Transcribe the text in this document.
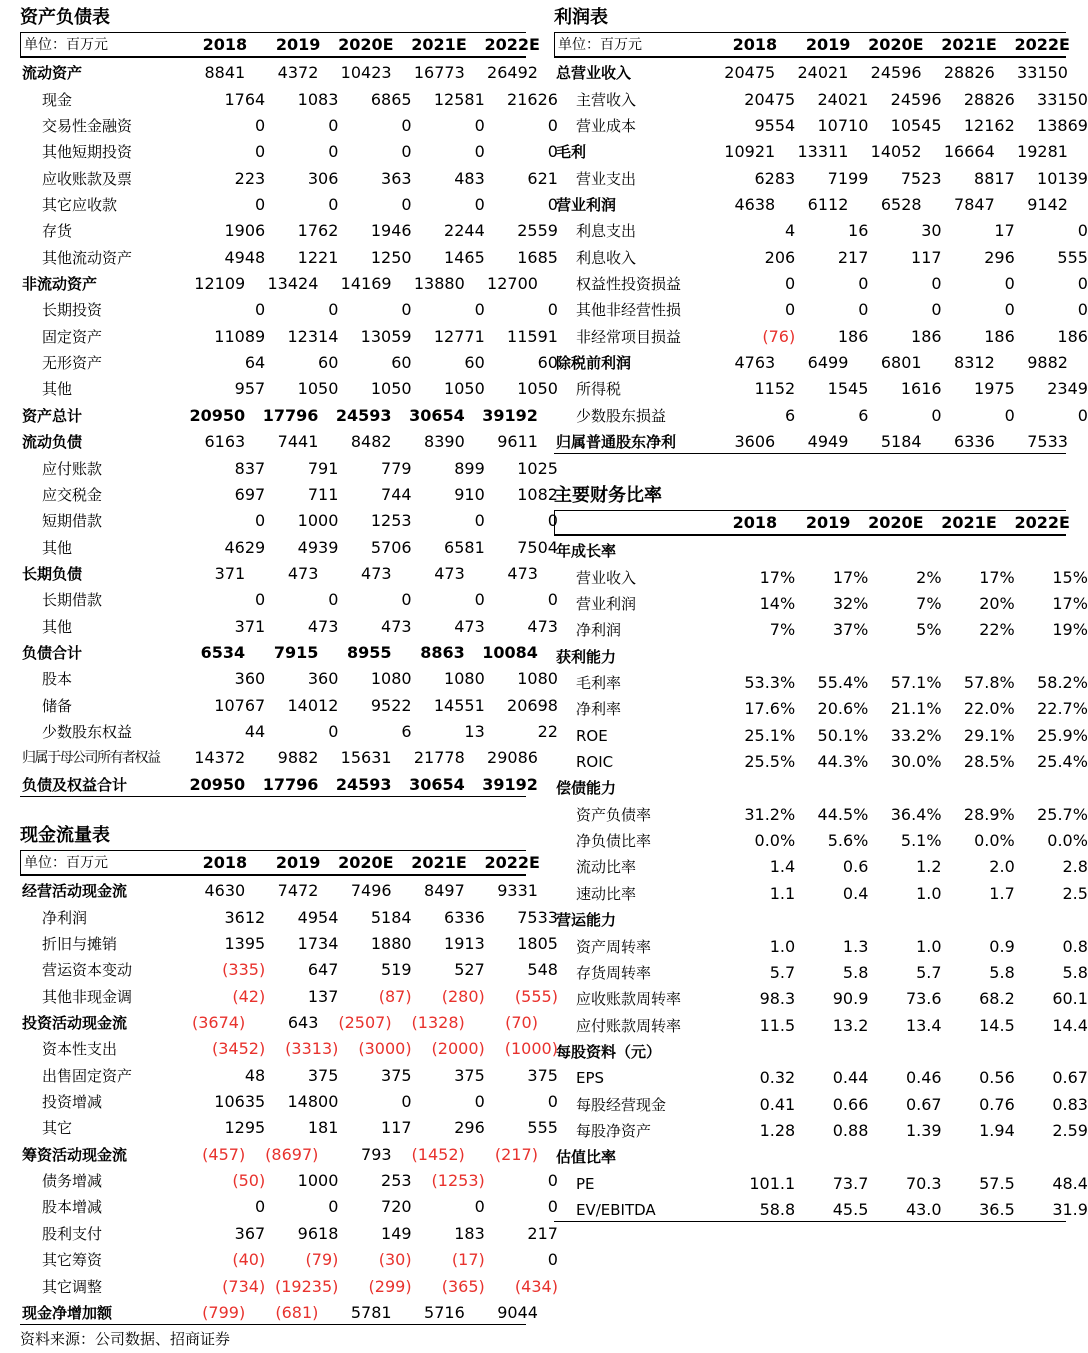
资产负债表
单位：百万元	2018	2019	2020E	2021E	2022E
流动资产	8841	4372	10423	16773	26492
现金	1764	1083	6865	12581	21626
交易性金融资	0	0	0	0	0
其他短期投资	0	0	0	0	0
应收账款及票	223	306	363	483	621
其它应收款	0	0	0	0	0
存货	1906	1762	1946	2244	2559
其他流动资产	4948	1221	1250	1465	1685
非流动资产	12109	13424	14169	13880	12700
长期投资	0	0	0	0	0
固定资产	11089	12314	13059	12771	11591
无形资产	64	60	60	60	60
其他	957	1050	1050	1050	1050
资产总计	20950	17796	24593	30654	39192
流动负债	6163	7441	8482	8390	9611
应付账款	837	791	779	899	1025
应交税金	697	711	744	910	1082
短期借款	0	1000	1253	0	0
其他	4629	4939	5706	6581	7504
长期负债	371	473	473	473	473
长期借款	0	0	0	0	0
其他	371	473	473	473	473
负债合计	6534	7915	8955	8863	10084
股本	360	360	1080	1080	1080
储备	10767	14012	9522	14551	20698
少数股东权益	44	0	6	13	22
归属于母公司所有者权益	14372	9882	15631	21778	29086
负债及权益合计	20950	17796	24593	30654	39192
利润表
单位：百万元	2018	2019	2020E	2021E	2022E
总营业收入	20475	24021	24596	28826	33150
主营收入	20475	24021	24596	28826	33150
营业成本	9554	10710	10545	12162	13869
毛利	10921	13311	14052	16664	19281
营业支出	6283	7199	7523	8817	10139
营业利润	4638	6112	6528	7847	9142
利息支出	4	16	30	17	0
利息收入	206	217	117	296	555
权益性投资损益	0	0	0	0	0
其他非经营性损	0	0	0	0	0
非经常项目损益	(76)	186	186	186	186
除税前利润	4763	6499	6801	8312	9882
所得税	1152	1545	1616	1975	2349
少数股东损益	6	6	0	0	0
归属普通股东净利	3606	4949	5184	6336	7533
主要财务比率
2018	2019	2020E	2021E	2022E
年成长率
营业收入	17%	17%	2%	17%	15%
营业利润	14%	32%	7%	20%	17%
净利润	7%	37%	5%	22%	19%
获利能力
毛利率	53.3%	55.4%	57.1%	57.8%	58.2%
净利率	17.6%	20.6%	21.1%	22.0%	22.7%
ROE	25.1%	50.1%	33.2%	29.1%	25.9%
ROIC	25.5%	44.3%	30.0%	28.5%	25.4%
偿债能力
资产负债率	31.2%	44.5%	36.4%	28.9%	25.7%
净负债比率	0.0%	5.6%	5.1%	0.0%	0.0%
流动比率	1.4	0.6	1.2	2.0	2.8
速动比率	1.1	0.4	1.0	1.7	2.5
营运能力
资产周转率	1.0	1.3	1.0	0.9	0.8
存货周转率	5.7	5.8	5.7	5.8	5.8
应收账款周转率	98.3	90.9	73.6	68.2	60.1
应付账款周转率	11.5	13.2	13.4	14.5	14.4
每股资料（元）
EPS	0.32	0.44	0.46	0.56	0.67
每股经营现金	0.41	0.66	0.67	0.76	0.83
每股净资产	1.28	0.88	1.39	1.94	2.59
估值比率
PE	101.1	73.7	70.3	57.5	48.4
EV/EBITDA	58.8	45.5	43.0	36.5	31.9
现金流量表
单位：百万元	2018	2019	2020E	2021E	2022E
经营活动现金流	4630	7472	7496	8497	9331
净利润	3612	4954	5184	6336	7533
折旧与摊销	1395	1734	1880	1913	1805
营运资本变动	(335)	647	519	527	548
其他非现金调	(42)	137	(87)	(280)	(555)
投资活动现金流	(3674)	643	(2507)	(1328)	(70)
资本性支出	(3452)	(3313)	(3000)	(2000)	(1000)
出售固定资产	48	375	375	375	375
投资增减	10635	14800	0	0	0
其它	1295	181	117	296	555
筹资活动现金流	(457)	(8697)	793	(1452)	(217)
债务增减	(50)	1000	253	(1253)	0
股本增减	0	0	720	0	0
股利支付	367	9618	149	183	217
其它筹资	(40)	(79)	(30)	(17)	0
其它调整	(734) (19235)	(299)	(365)	(434)
现金净增加额	(799)	(681)	5781	5716	9044
资料来源：公司数据、招商证券
